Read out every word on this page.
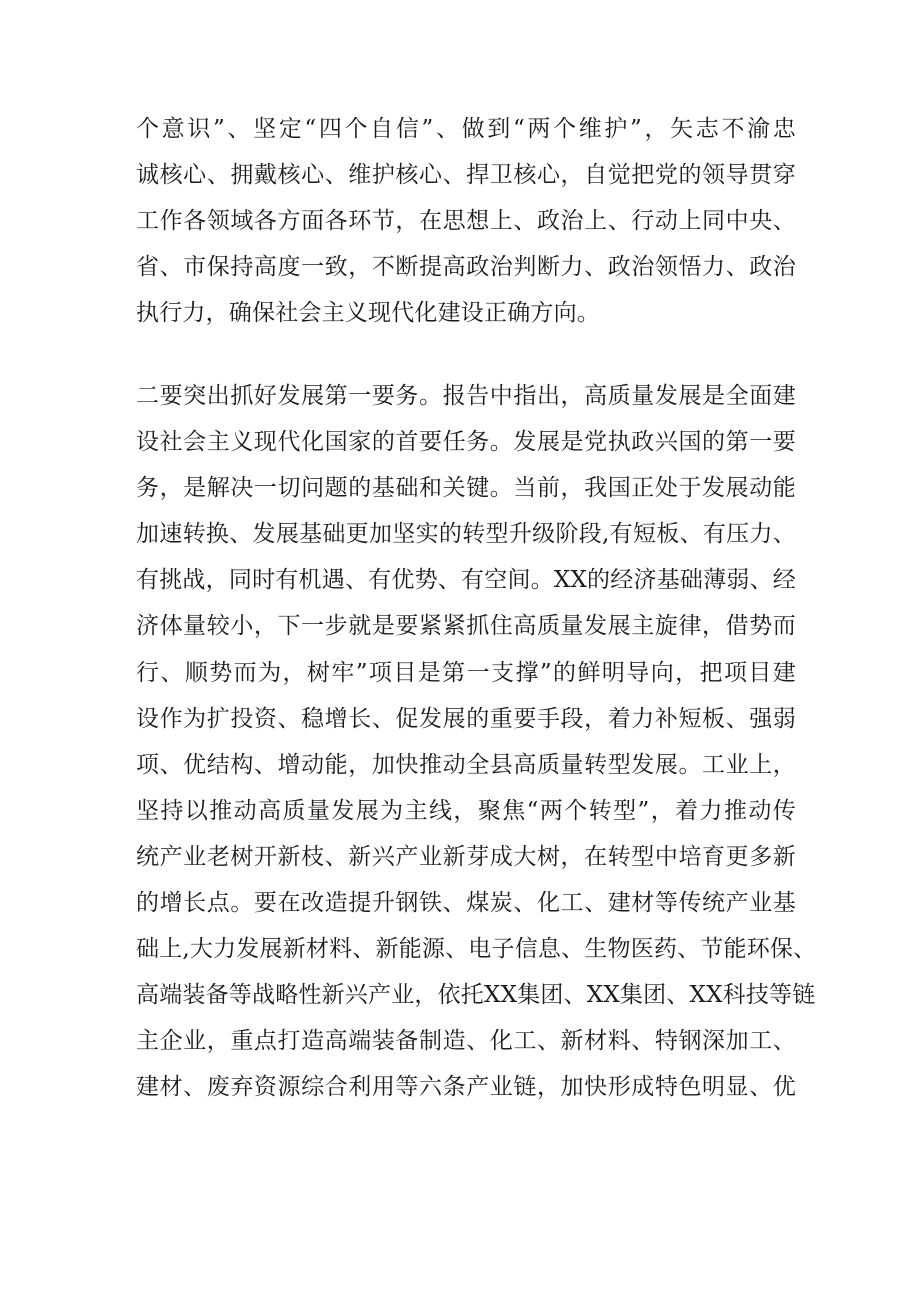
个意识”、坚定“四个自信”、做到“两个维护”，矢志不渝忠
诚核心、拥戴核心、维护核心、捍卫核心，自觉把党的领导贯穿
工作各领域各方面各环节，在思想上、政治上、行动上同中央、
省、市保持高度一致，不断提高政治判断力、政治领悟力、政治
执行力，确保社会主义现代化建设正确方向。
二要突出抓好发展第一要务。报告中指出，高质量发展是全面建
设社会主义现代化国家的首要任务。发展是党执政兴国的第一要
务，是解决一切问题的基础和关键。当前，我国正处于发展动能
加速转换、发展基础更加坚实的转型升级阶段,有短板、有压力、
有挑战，同时有机遇、有优势、有空间。XX的经济基础薄弱、经
济体量较小，下一步就是要紧紧抓住高质量发展主旋律，借势而
行、顺势而为，树牢”项目是第一支撑”的鲜明导向，把项目建
设作为扩投资、稳增长、促发展的重要手段，着力补短板、强弱
项、优结构、增动能，加快推动全县高质量转型发展。工业上，
坚持以推动高质量发展为主线，聚焦“两个转型”，着力推动传
统产业老树开新枝、新兴产业新芽成大树，在转型中培育更多新
的增长点。要在改造提升钢铁、煤炭、化工、建材等传统产业基
础上,大力发展新材料、新能源、电子信息、生物医药、节能环保、
高端装备等战略性新兴产业，依托XX集团、XX集团、XX科技等链
主企业，重点打造高端装备制造、化工、新材料、特钢深加工、
建材、废弃资源综合利用等六条产业链，加快形成特色明显、优
